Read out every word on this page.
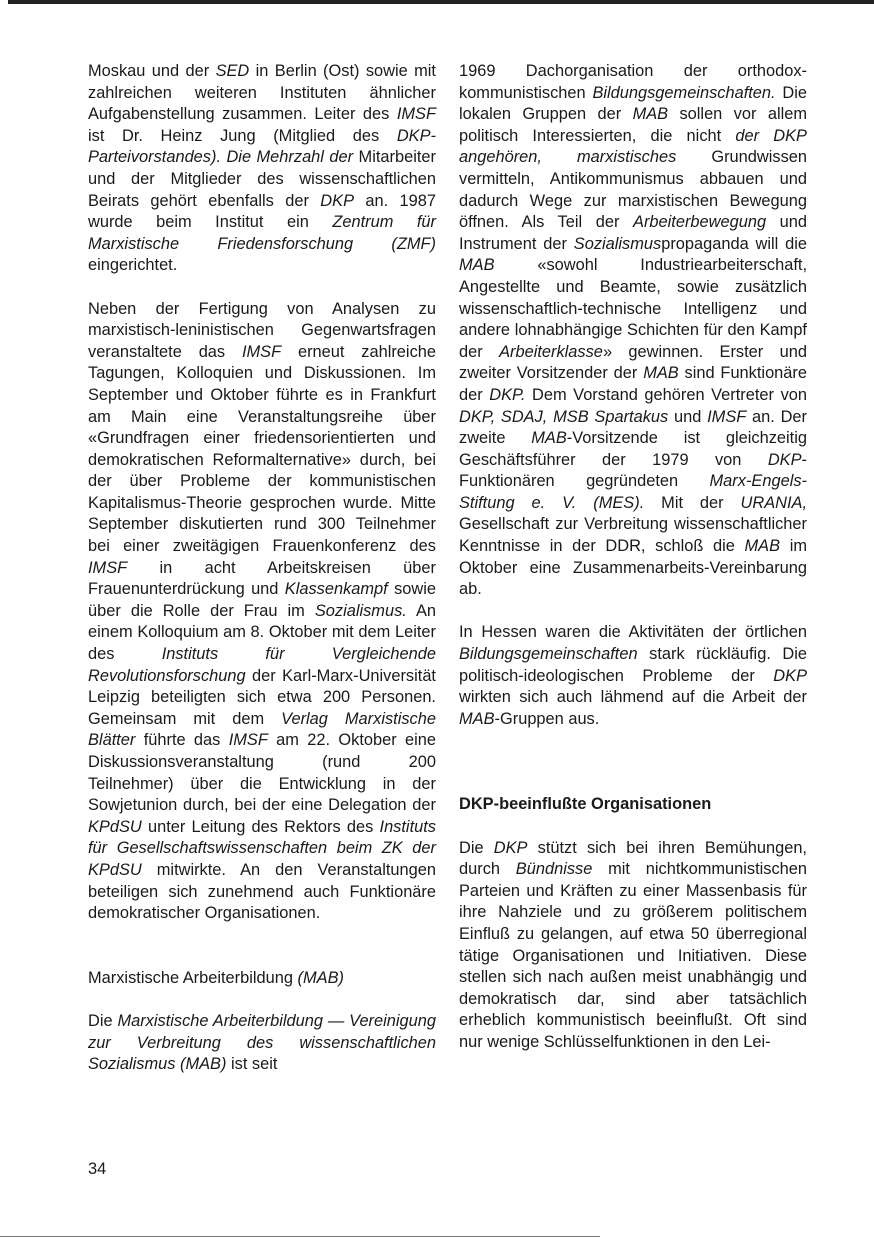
Moskau und der SED in Berlin (Ost) sowie mit zahlreichen weiteren Instituten ähnlicher Aufgabenstellung zusammen. Leiter des IMSF ist Dr. Heinz Jung (Mitglied des DKP-Parteivorstandes). Die Mehrzahl der Mitarbeiter und der Mitglieder des wissenschaftlichen Beirats gehört ebenfalls der DKP an. 1987 wurde beim Institut ein Zentrum für Marxistische Friedensforschung (ZMF) eingerichtet.

Neben der Fertigung von Analysen zu marxistisch-leninistischen Gegenwartsfragen veranstaltete das IMSF erneut zahlreiche Tagungen, Kolloquien und Diskussionen. Im September und Oktober führte es in Frankfurt am Main eine Veranstaltungsreihe über «Grundfragen einer friedensorientierten und demokratischen Reformalternative» durch, bei der über Probleme der kommunistischen Kapitalismus-Theorie gesprochen wurde. Mitte September diskutierten rund 300 Teilnehmer bei einer zweitägigen Frauenkonferenz des IMSF in acht Arbeitskreisen über Frauenunterdrückung und Klassenkampf sowie über die Rolle der Frau im Sozialismus. An einem Kolloquium am 8. Oktober mit dem Leiter des Instituts für Vergleichende Revolutionsforschung der Karl-Marx-Universität Leipzig beteiligten sich etwa 200 Personen. Gemeinsam mit dem Verlag Marxistische Blätter führte das IMSF am 22. Oktober eine Diskussionsveranstaltung (rund 200 Teilnehmer) über die Entwicklung in der Sowjetunion durch, bei der eine Delegation der KPdSU unter Leitung des Rektors des Instituts für Gesellschaftswissenschaften beim ZK der KPdSU mitwirkte. An den Veranstaltungen beteiligen sich zunehmend auch Funktionäre demokratischer Organisationen.

Marxistische Arbeiterbildung (MAB)

Die Marxistische Arbeiterbildung — Vereinigung zur Verbreitung des wissenschaftlichen Sozialismus (MAB) ist seit

1969 Dachorganisation der orthodox-kommunistischen Bildungsgemeinschaften. Die lokalen Gruppen der MAB sollen vor allem politisch Interessierten, die nicht der DKP angehören, marxistisches Grundwissen vermitteln, Antikommunismus abbauen und dadurch Wege zur marxistischen Bewegung öffnen. Als Teil der Arbeiterbewegung und Instrument der Sozialismuspropaganda will die MAB «sowohl Industriearbeiterschaft, Angestellte und Beamte, sowie zusätzlich wissenschaftlich-technische Intelligenz und andere lohnabhängige Schichten für den Kampf der Arbeiterklasse» gewinnen. Erster und zweiter Vorsitzender der MAB sind Funktionäre der DKP. Dem Vorstand gehören Vertreter von DKP, SDAJ, MSB Spartakus und IMSF an. Der zweite MAB-Vorsitzende ist gleichzeitig Geschäftsführer der 1979 von DKP-Funktionären gegründeten Marx-Engels-Stiftung e. V. (MES). Mit der URANIA, Gesellschaft zur Verbreitung wissenschaftlicher Kenntnisse in der DDR, schloß die MAB im Oktober eine Zusammenarbeits-Vereinbarung ab.

In Hessen waren die Aktivitäten der örtlichen Bildungsgemeinschaften stark rückläufig. Die politisch-ideologischen Probleme der DKP wirkten sich auch lähmend auf die Arbeit der MAB-Gruppen aus.

DKP-beeinflußte Organisationen

Die DKP stützt sich bei ihren Bemühungen, durch Bündnisse mit nichtkommunistischen Parteien und Kräften zu einer Massenbasis für ihre Nahziele und zu größerem politischem Einfluß zu gelangen, auf etwa 50 überregional tätige Organisationen und Initiativen. Diese stellen sich nach außen meist unabhängig und demokratisch dar, sind aber tatsächlich erheblich kommunistisch beeinflußt. Oft sind nur wenige Schlüsselfunktionen in den Lei-

34
